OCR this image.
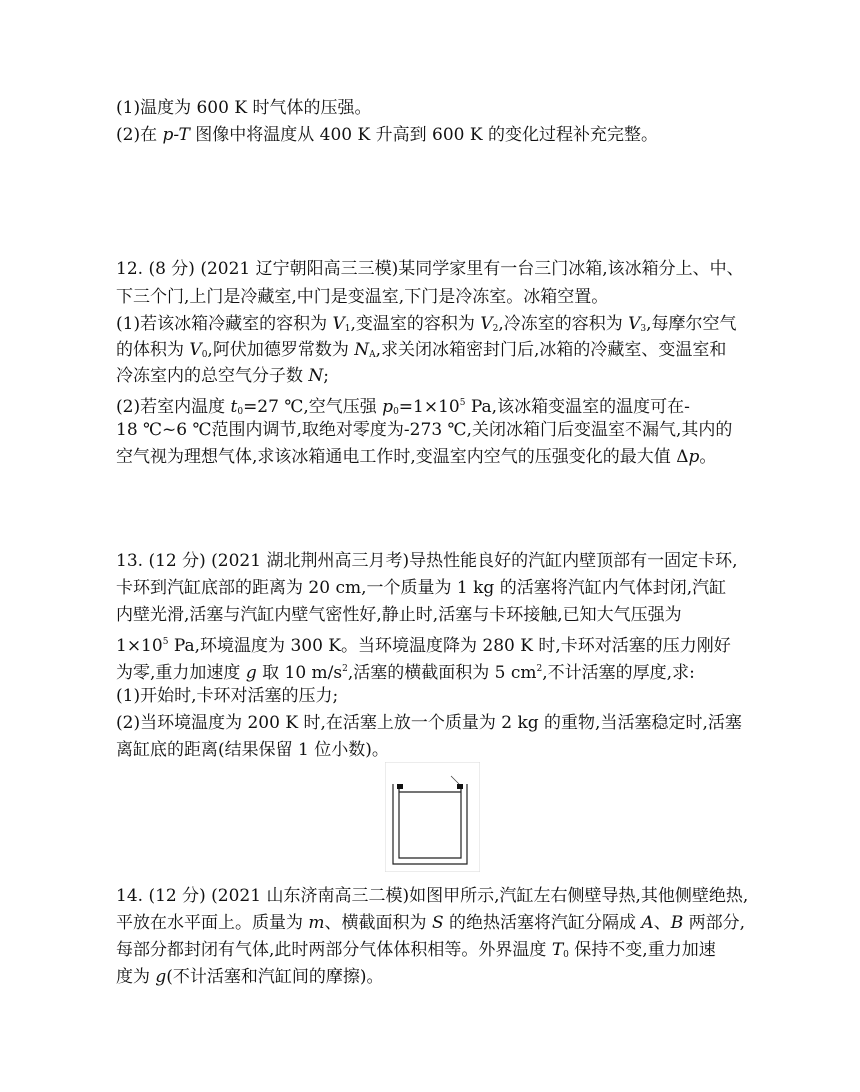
(1)温度为 600 K 时气体的压强。
(2)在 p-T 图像中将温度从 400 K 升高到 600 K 的变化过程补充完整。
12. (8 分) (2021 辽宁朝阳高三三模)某同学家里有一台三门冰箱,该冰箱分上、中、
下三个门,上门是冷藏室,中门是变温室,下门是冷冻室。冰箱空置。
(1)若该冰箱冷藏室的容积为 $V_1$,变温室的容积为 $V_2$,冷冻室的容积为 $V_3$,每摩尔空气
的体积为 $V_0$,阿伏加德罗常数为 $N_A$,求关闭冰箱密封门后,冰箱的冷藏室、变温室和
冷冻室内的总空气分子数 N;
(2)若室内温度 $t_0=27$ ℃,空气压强 $p_0=1\times 10^5$ Pa,该冰箱变温室的温度可在-
18 ℃~6 ℃范围内调节,取绝对零度为-273 ℃,关闭冰箱门后变温室不漏气,其内的
空气视为理想气体,求该冰箱通电工作时,变温室内空气的压强变化的最大值 Δp。
13. (12 分) (2021 湖北荆州高三月考)导热性能良好的汽缸内壁顶部有一固定卡环,
卡环到汽缸底部的距离为 20 cm,一个质量为 1 kg 的活塞将汽缸内气体封闭,汽缸
内壁光滑,活塞与汽缸内壁气密性好,静止时,活塞与卡环接触,已知大气压强为
$1\times 10^5$ Pa,环境温度为 300 K。当环境温度降为 280 K 时,卡环对活塞的压力刚好
为零,重力加速度 g 取 10 $m/s^2$,活塞的横截面积为 5 $cm^2$,不计活塞的厚度,求:
(1)开始时,卡环对活塞的压力;
(2)当环境温度为 200 K 时,在活塞上放一个质量为 2 kg 的重物,当活塞稳定时,活塞
离缸底的距离(结果保留 1 位小数)。
14. (12 分) (2021 山东济南高三二模)如图甲所示,汽缸左右侧壁导热,其他侧壁绝热,
平放在水平面上。质量为 m、横截面积为 S 的绝热活塞将汽缸分隔成 A、B 两部分,
每部分都封闭有气体,此时两部分气体体积相等。外界温度 $T_0$ 保持不变,重力加速
度为 g(不计活塞和汽缸间的摩擦)。
